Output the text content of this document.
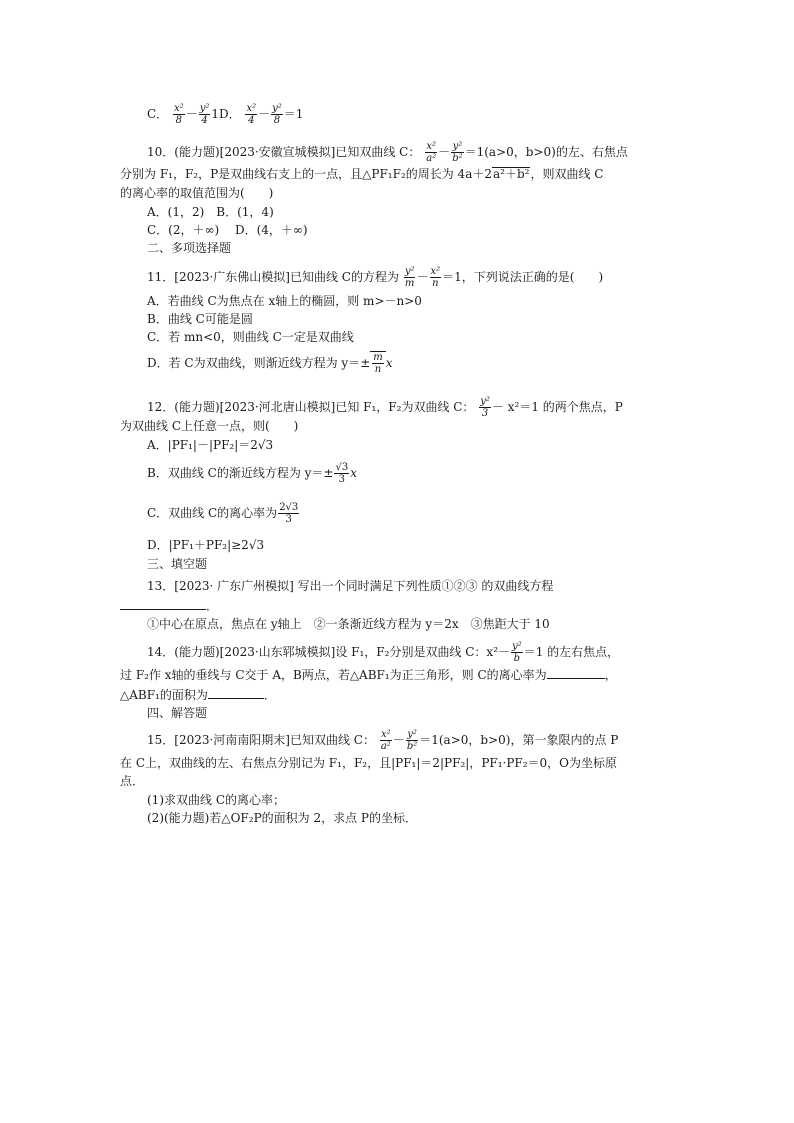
C． $\frac{\text{x²}}{8} - \frac{\text{y²}}{4} 1D$． $\frac{\text{x²}}{4} - \frac{\text{y²}}{8} =1$
10．(能力题)[2023·安徽宣城模拟]已知双曲线 C： $\frac{\text{x²}}{\text{a²}} - \frac{\text{y²}}{\text{b²}} =1(a>0$，b>0)的左、右焦点
分别为 F₁，F₂，P是双曲线右支上的一点，且△PF₁F₂的周长为 4a＋2a²＋b²，则双曲线 C
的离心率的取值范围为(　　)
A．(1，2)　B．(1，4)
C．(2，＋∞)　 D．(4，＋∞)
二、多项选择题
11．[2023·广东佛山模拟]已知曲线 C的方程为 $\frac{\text{y²}}{m} - \frac{\text{x²}}{n} =1$，下列说法正确的是(　　)
A．若曲线 C为焦点在 x轴上的椭圆，则 m>－n>0
B．曲线 C可能是圆
C．若 mn<0，则曲线 C一定是双曲线
D．若 C为双曲线，则渐近线方程为 $y=\pm \frac{m}{n}$ x
12．(能力题)[2023·河北唐山模拟]已知 F₁，F₂为双曲线 C： $\frac{\text{y²}}{3} - x^2=1$ 的两个焦点，P
为双曲线 C上任意一点，则(　　)
A．|PF₁|－|PF₂|＝2√3
B．双曲线 C的渐近线方程为 $y=\pm \frac{√3}{3}$ x
C．双曲线 C的离心率为 $\frac{2√3}{3}$
D．|PF₁＋PF₂|≥2√3
三、填空题
13．[2023· 广东广州模拟] 写出一个同时满足下列性质①②③ 的双曲线方程
．
①中心在原点，焦点在 y轴上　②一条渐近线方程为 y＝2x　③焦距大于 10
14．(能力题)[2023·山东郓城模拟]设 F₁，F₂分别是双曲线 C：$x^2- \frac{\text{y²}}{b} =1$ 的左右焦点，
过 F₂作 x轴的垂线与 C交于 A，B两点，若△ABF₁为正三角形，则 C的离心率为	，
△ABF₁的面积为	．
四、解答题
15．[2023·河南南阳期末]已知双曲线 C： $\frac{\text{x²}}{\text{a²}} - \frac{\text{y²}}{\text{b²}} =1(a>0$，b>0)，第一象限内的点 P
在 C上，双曲线的左、右焦点分别记为 F₁，F₂，且|PF₁|＝2|PF₂|，PF₁·PF₂＝0，O为坐标原
点．
(1)求双曲线 C的离心率；
(2)(能力题)若△OF₂P的面积为 2，求点 P的坐标．
